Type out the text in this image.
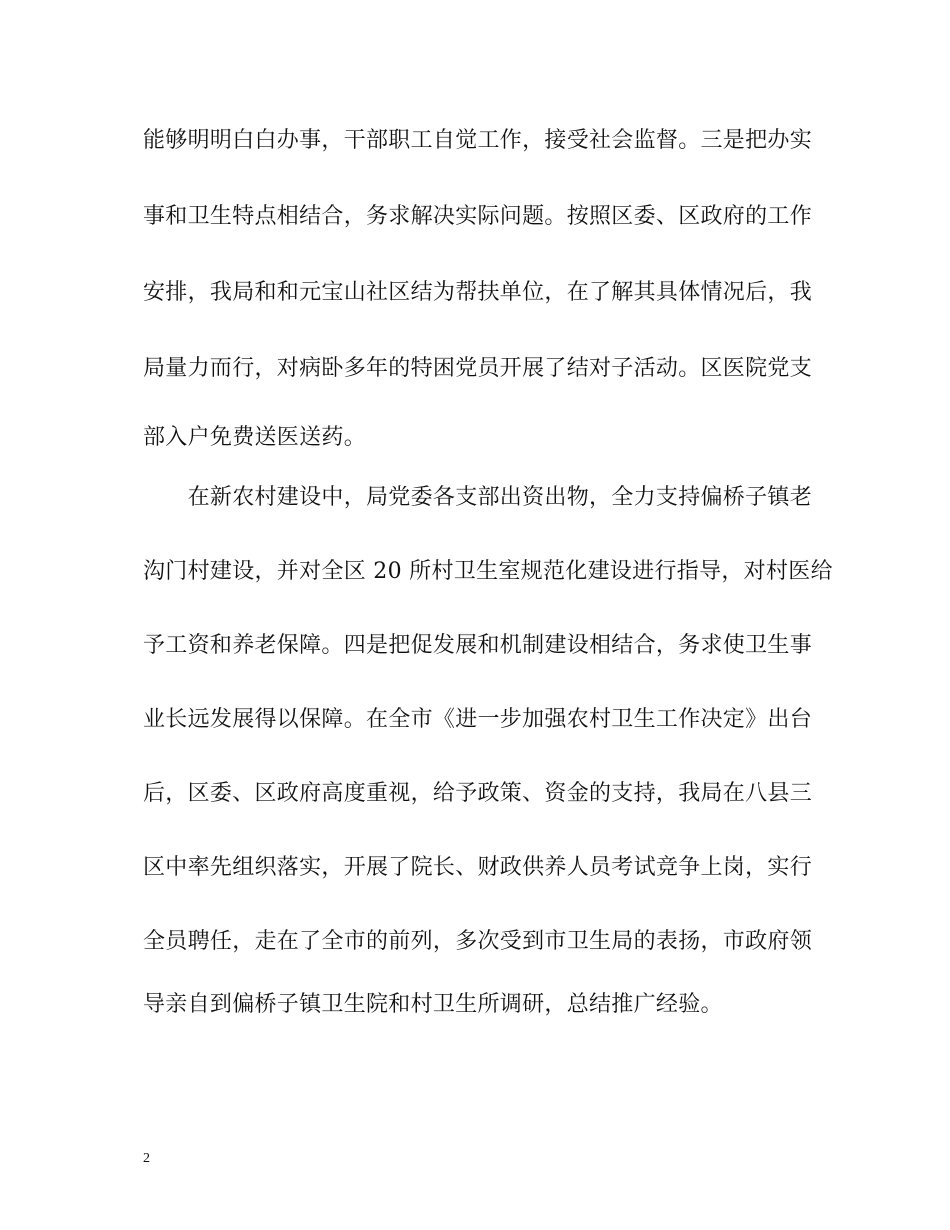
能够明明白白办事，干部职工自觉工作，接受社会监督。三是把办实
事和卫生特点相结合，务求解决实际问题。按照区委、区政府的工作
安排，我局和和元宝山社区结为帮扶单位，在了解其具体情况后，我
局量力而行，对病卧多年的特困党员开展了结对子活动。区医院党支
部入户免费送医送药。
　　在新农村建设中，局党委各支部出资出物，全力支持偏桥子镇老
沟门村建设，并对全区 20 所村卫生室规范化建设进行指导，对村医给
予工资和养老保障。四是把促发展和机制建设相结合，务求使卫生事
业长远发展得以保障。在全市《进一步加强农村卫生工作决定》出台
后，区委、区政府高度重视，给予政策、资金的支持，我局在八县三
区中率先组织落实，开展了院长、财政供养人员考试竞争上岗，实行
全员聘任，走在了全市的前列，多次受到市卫生局的表扬，市政府领
导亲自到偏桥子镇卫生院和村卫生所调研，总结推广经验。
2
